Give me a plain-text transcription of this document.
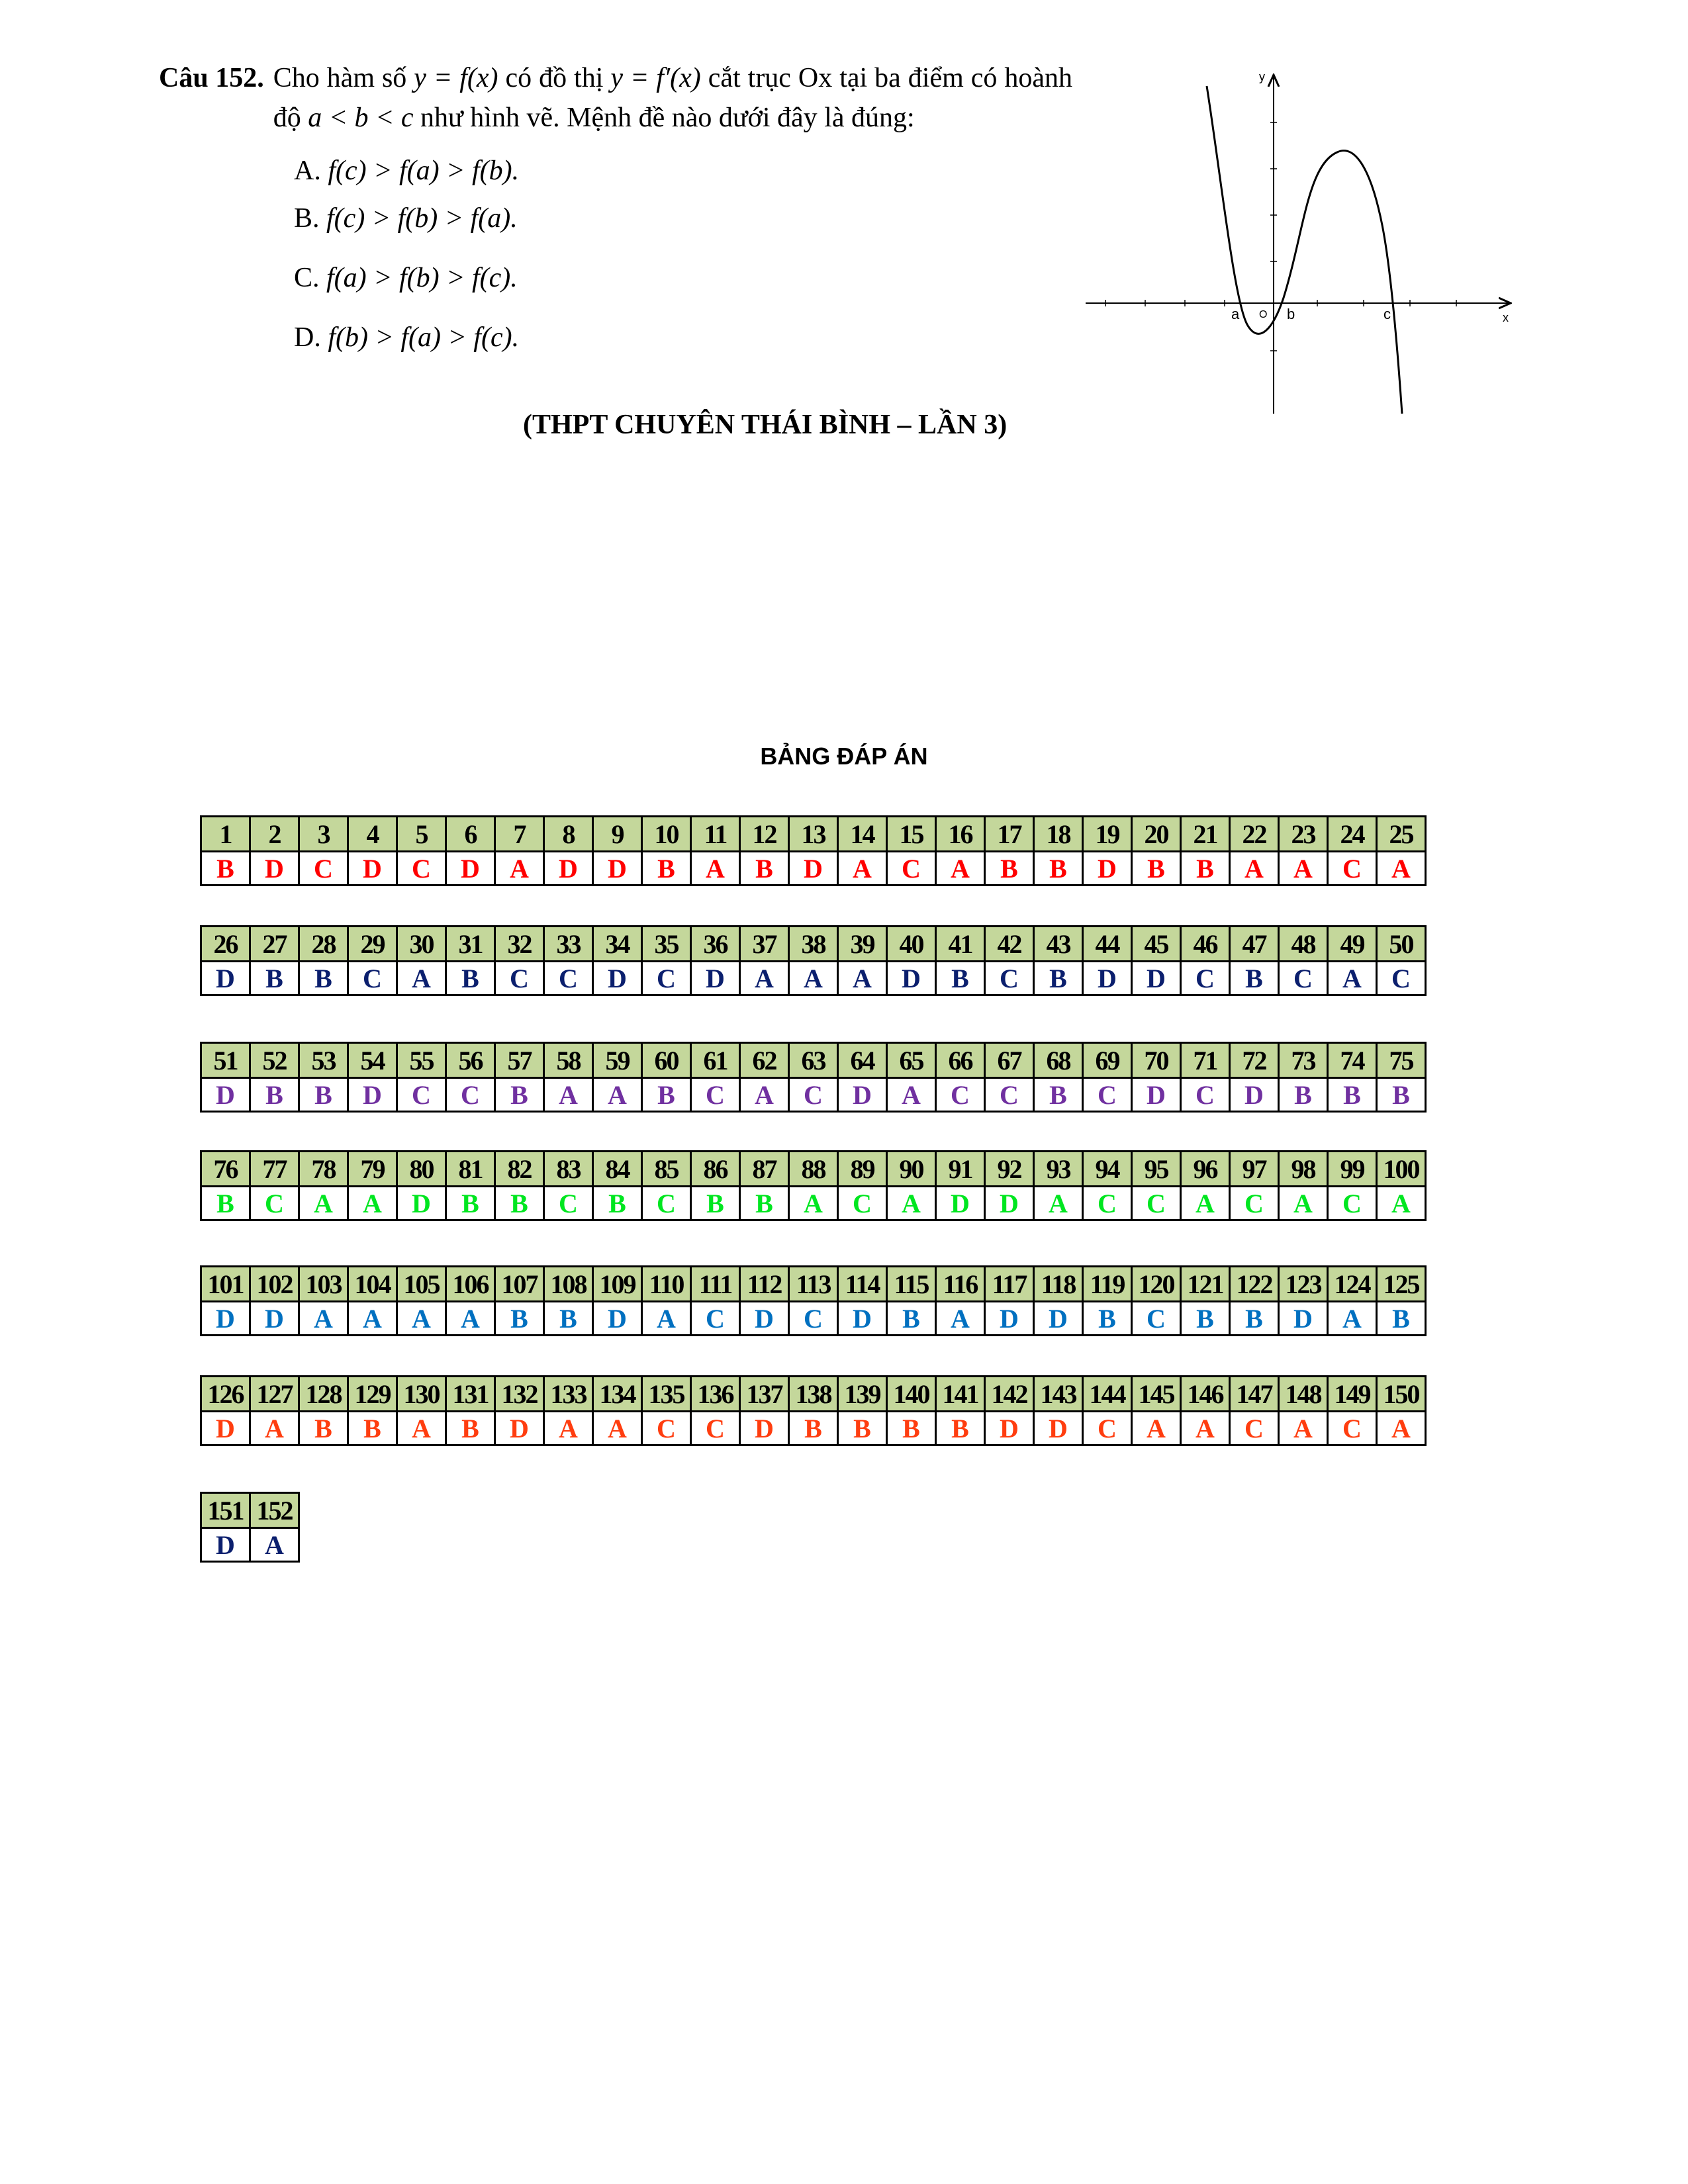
Câu 152. Cho hàm số y = f(x) có đồ thị y = f′(x) cắt trục Ox tại ba điểm có hoành độ a < b < c như hình vẽ. Mệnh đề nào dưới đây là đúng:
A. f(c) > f(a) > f(b).
B. f(c) > f(b) > f(a).
C. f(a) > f(b) > f(c).
D. f(b) > f(a) > f(c).
(THPT CHUYÊN THÁI BÌNH – LẦN 3)
y
x
O
a	b	c
BẢNG ĐÁP ÁN
1	2	3	4	5	6	7	8	9	10	11	12	13	14	15	16	17	18	19	20	21	22	23	24	25
B	D	C	D	C	D	A	D	D	B	A	B	D	A	C	A	B	B	D	B	B	A	A	C	A
26	27	28	29	30	31	32	33	34	35	36	37	38	39	40	41	42	43	44	45	46	47	48	49	50
D	B	B	C	A	B	C	C	D	C	D	A	A	A	D	B	C	B	D	D	C	B	C	A	C
51	52	53	54	55	56	57	58	59	60	61	62	63	64	65	66	67	68	69	70	71	72	73	74	75
D	B	B	D	C	C	B	A	A	B	C	A	C	D	A	C	C	B	C	D	C	D	B	B	B
76	77	78	79	80	81	82	83	84	85	86	87	88	89	90	91	92	93	94	95	96	97	98	99	100
B	C	A	A	D	B	B	C	B	C	B	B	A	C	A	D	D	A	C	C	A	C	A	C	A
101	102	103	104	105	106	107	108	109	110	111	112	113	114	115	116	117	118	119	120	121	122	123	124	125
D	D	A	A	A	A	B	B	D	A	C	D	C	D	B	A	D	D	B	C	B	B	D	A	B
126	127	128	129	130	131	132	133	134	135	136	137	138	139	140	141	142	143	144	145	146	147	148	149	150
D	A	B	B	A	B	D	A	A	C	C	D	B	B	B	B	D	D	C	A	A	C	A	C	A
151	152
D	A
